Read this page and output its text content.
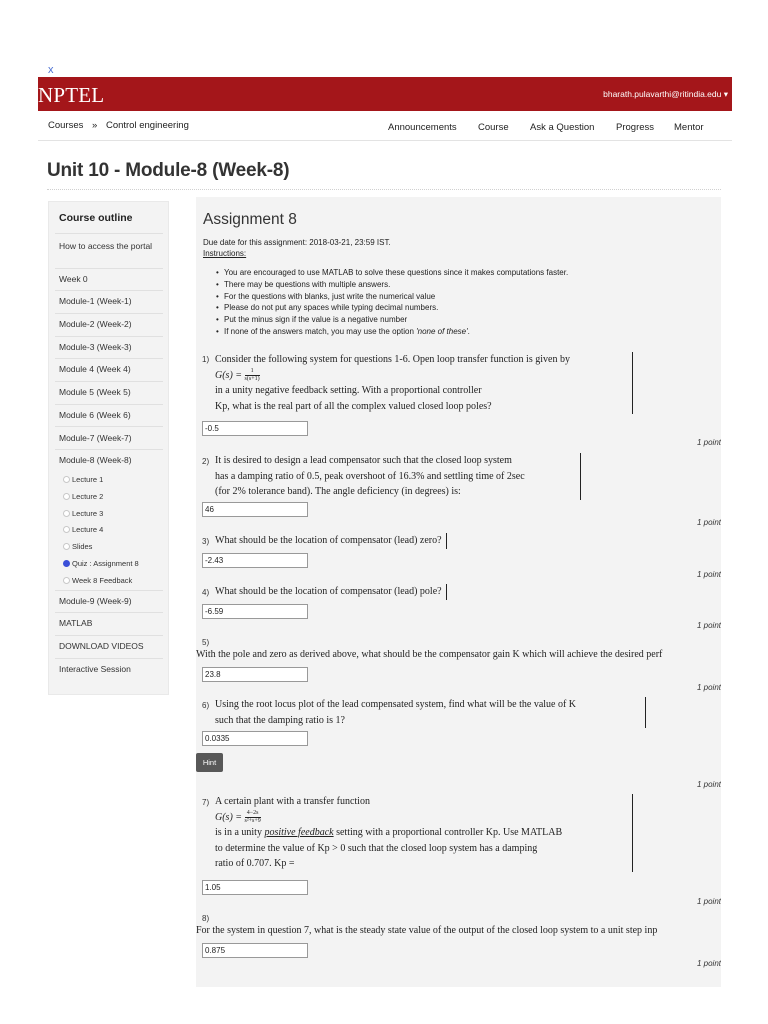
x
NPTEL	bharath.pulavarthi@ritindia.edu ▾
Courses » Control engineering	Announcements Course Ask a Question Progress Mentor
Unit 10 - Module-8 (Week-8)
Course outline
How to access the portal
Week 0
Module-1 (Week-1)
Module-2 (Week-2)
Module-3 (Week-3)
Module 4 (Week 4)
Module 5 (Week 5)
Module 6 (Week 6)
Module-7 (Week-7)
Module-8 (Week-8)
Lecture 1
Lecture 2
Lecture 3
Lecture 4
Slides
Quiz : Assignment 8
Week 8 Feedback
Module-9 (Week-9)
MATLAB
DOWNLOAD VIDEOS
Interactive Session
Assignment 8
Due date for this assignment: 2018-03-21, 23:59 IST.
Instructions:
• You are encouraged to use MATLAB to solve these questions since it makes computations faster.
• There may be questions with multiple answers.
• For the questions with blanks, just write the numerical value
• Please do not put any spaces while typing decimal numbers.
• Put the minus sign if the value is a negative number
• If none of the answers match, you may use the option 'none of these'.
1) Consider the following system for questions 1-6. Open loop transfer function is given by
$G(s) = \frac{1}{s(s+1)}$
in a unity negative feedback setting. With a proportional controller
Kp, what is the real part of all the complex valued closed loop poles?
-0.5
1 point
2) It is desired to design a lead compensator such that the closed loop system
has a damping ratio of 0.5, peak overshoot of 16.3% and settling time of 2sec
(for 2% tolerance band). The angle deficiency (in degrees) is:
46
1 point
3) What should be the location of compensator (lead) zero?
-2.43
1 point
4) What should be the location of compensator (lead) pole?
-6.59
1 point
5)
With the pole and zero as derived above, what should be the compensator gain K which will achieve the desired perf
23.8
1 point
6) Using the root locus plot of the lead compensated system, find what will be the value of K
such that the damping ratio is 1?
0.0335
Hint
1 point
7) A certain plant with a transfer function
$G(s) = \frac{4-2s}{\text{s²+s+9}}$
is in a unity positive feedback setting with a proportional controller Kp. Use MATLAB
to determine the value of Kp > 0 such that the closed loop system has a damping
ratio of 0.707. Kp =
1.05
1 point
8)
For the system in question 7, what is the steady state value of the output of the closed loop system to a unit step inp
0.875
1 point
